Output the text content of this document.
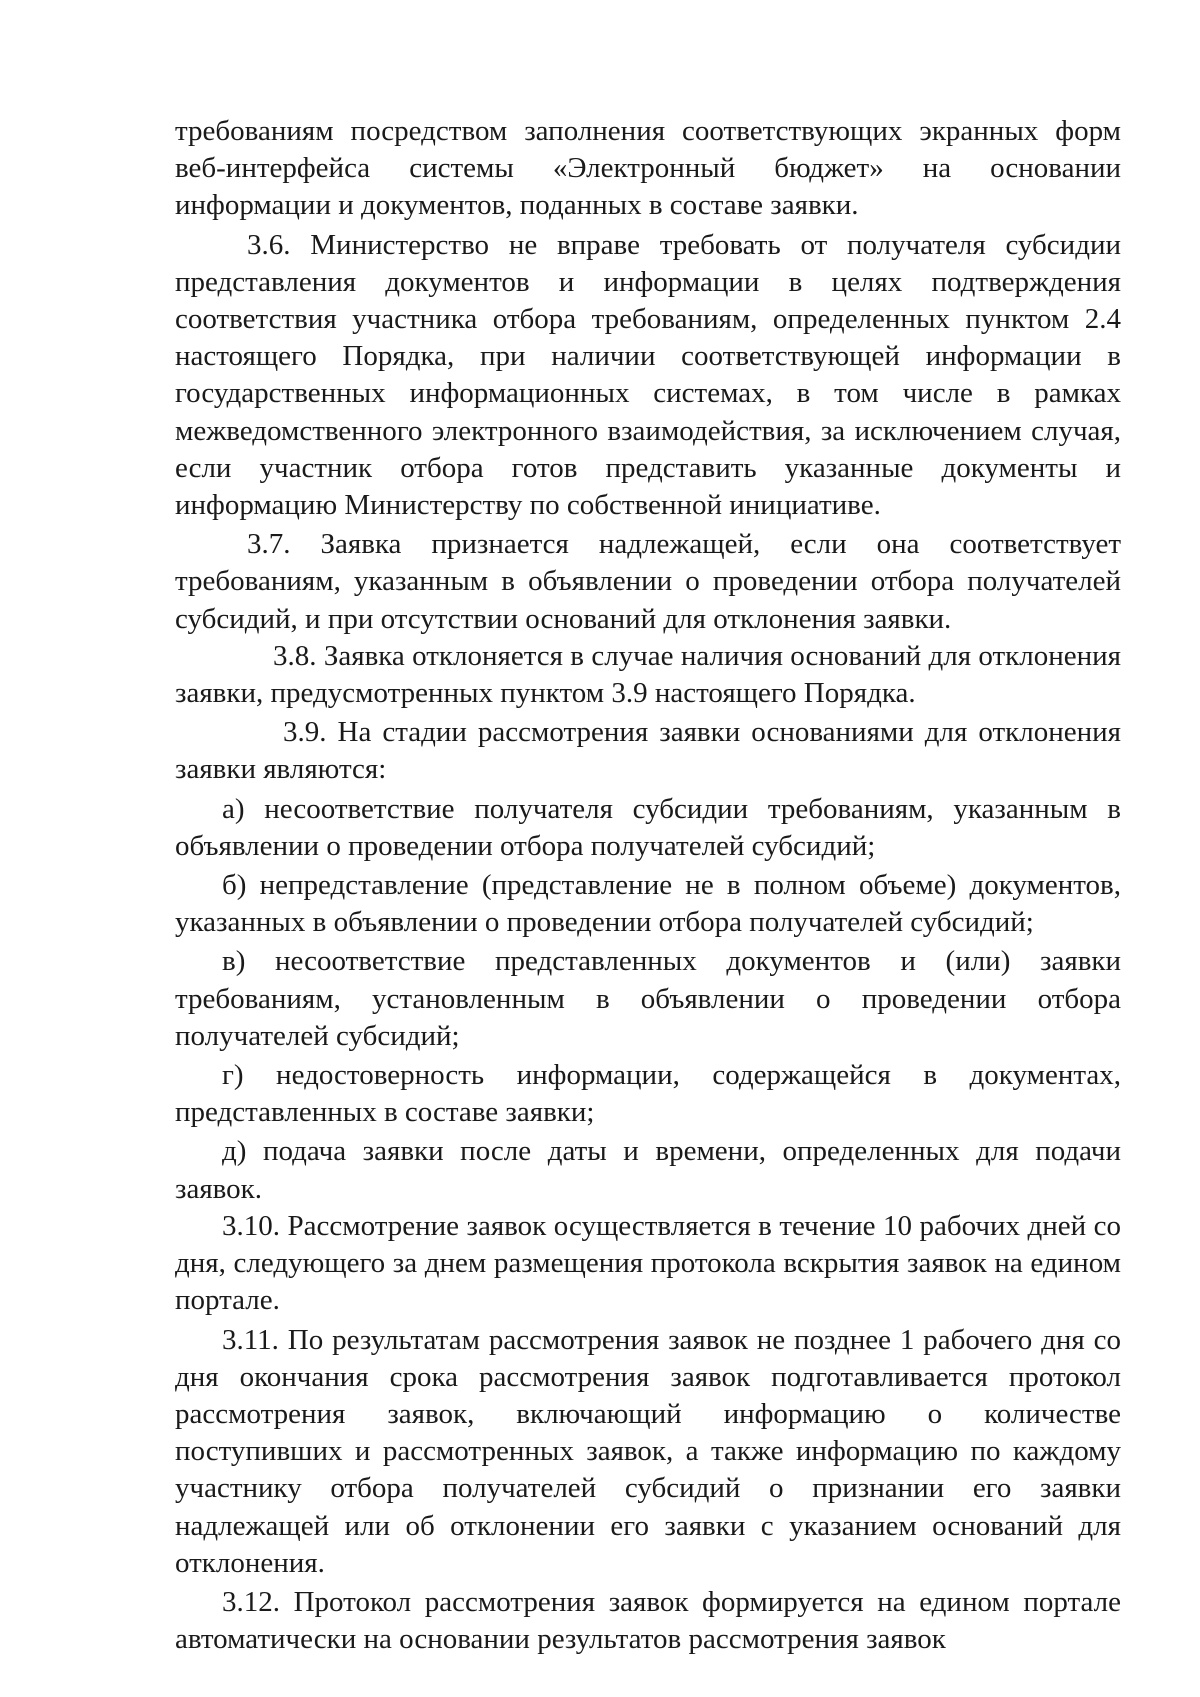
требованиям посредством заполнения соответствующих экранных форм веб-интерфейса системы «Электронный бюджет» на основании информации и документов, поданных в составе заявки.

3.6. Министерство не вправе требовать от получателя субсидии представления документов и информации в целях подтверждения соответствия участника отбора требованиям, определенных пунктом 2.4 настоящего Порядка, при наличии соответствующей информации в государственных информационных системах, в том числе в рамках межведомственного электронного взаимодействия, за исключением случая, если участник отбора готов представить указанные документы и информацию Министерству по собственной инициативе.

3.7. Заявка признается надлежащей, если она соответствует требованиям, указанным в объявлении о проведении отбора получателей субсидий, и при отсутствии оснований для отклонения заявки.

3.8. Заявка отклоняется в случае наличия оснований для отклонения заявки, предусмотренных пунктом 3.9 настоящего Порядка.

3.9. На стадии рассмотрения заявки основаниями для отклонения заявки являются:

а) несоответствие получателя субсидии требованиям, указанным в объявлении о проведении отбора получателей субсидий;

б) непредставление (представление не в полном объеме) документов, указанных в объявлении о проведении отбора получателей субсидий;

в) несоответствие представленных документов и (или) заявки требованиям, установленным в объявлении о проведении отбора получателей субсидий;

г) недостоверность информации, содержащейся в документах, представленных в составе заявки;

д) подача заявки после даты и времени, определенных для подачи заявок.

3.10. Рассмотрение заявок осуществляется в течение 10 рабочих дней со дня, следующего за днем размещения протокола вскрытия заявок на едином портале.

3.11. По результатам рассмотрения заявок не позднее 1 рабочего дня со дня окончания срока рассмотрения заявок подготавливается протокол рассмотрения заявок, включающий информацию о количестве поступивших и рассмотренных заявок, а также информацию по каждому участнику отбора получателей субсидий о признании его заявки надлежащей или об отклонении его заявки с указанием оснований для отклонения.

3.12. Протокол рассмотрения заявок формируется на едином портале автоматически на основании результатов рассмотрения заявок
